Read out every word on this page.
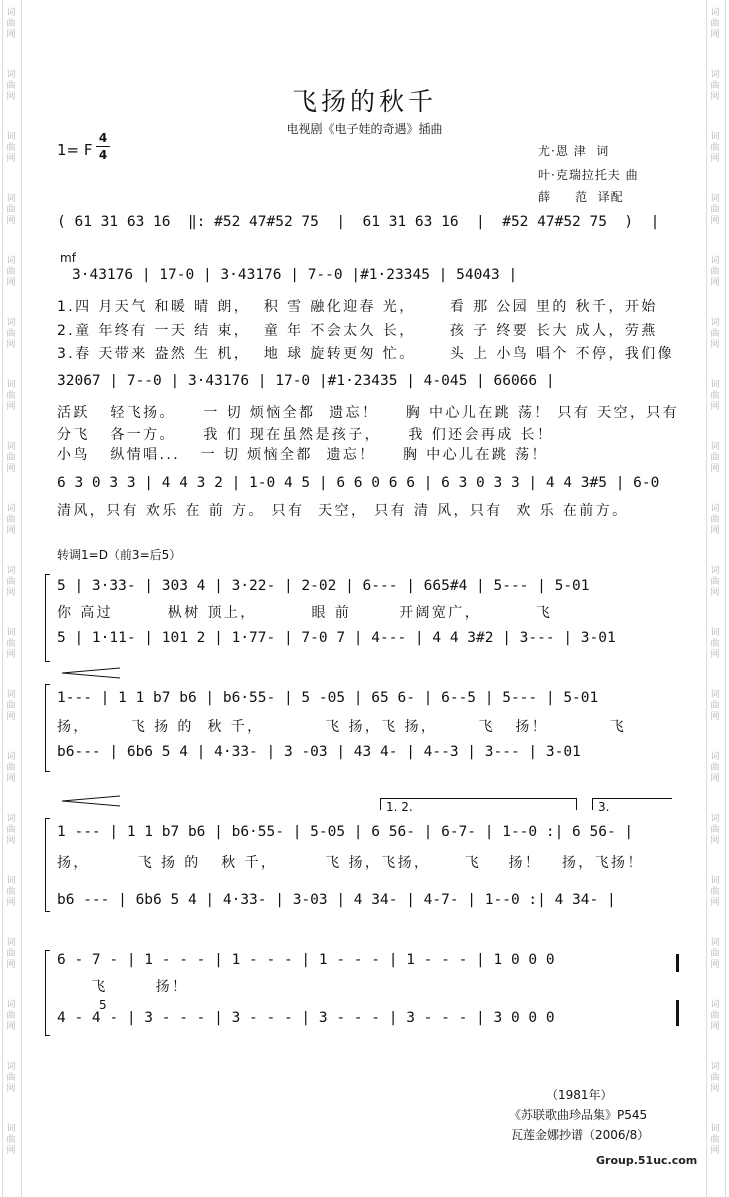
词曲网
词曲网
词曲网
词曲网
词曲网
词曲网
词曲网
词曲网
词曲网
词曲网
词曲网
词曲网
词曲网
词曲网
词曲网
词曲网
词曲网
词曲网
词曲网
词曲网
词曲网
词曲网
词曲网
词曲网
词曲网
词曲网
词曲网
词曲网
词曲网
词曲网
词曲网
词曲网
词曲网
词曲网
词曲网
词曲网
词曲网
词曲网
飞扬的秋千
电视剧《电子娃的奇遇》插曲
1= F
4
4	尤·恩 津  词
叶·克瑞拉托夫 曲
薛     范  译配
( 61 31 63 16  ‖: #52 47#52 75  |  61 31 63 16  |  #52 47#52 75  )  |
mf
3·43176 | 17-0 | 3·43176 | 7--0 |#1·23345 | 54043 |
1.四 月天气 和暖 晴 朗，  积 雪 融化迎春 光，     看 那 公园 里的 秋千，开始
2.童 年终有 一天 结 束，  童 年 不会太久 长，     孩 子 终要 长大 成人，劳燕
3.春 天带来 盎然 生 机，  地 球 旋转更匆 忙。     头 上 小鸟 唱个 不停，我们像
32067 | 7--0 | 3·43176 | 17-0 |#1·23435 | 4-045 | 66066 |
活跃   轻飞扬。    一 切 烦恼全都  遗忘！    胸 中心儿在跳 荡！ 只有 天空，只有
分飞   各一方。    我 们 现在虽然是孩子，    我 们还会再成 长！
小鸟   纵情唱...   一 切 烦恼全都  遗忘！    胸 中心儿在跳 荡！
6 3 0 3 3 | 4 4 3 2 | 1-0 4 5 | 6 6 0 6 6 | 6 3 0 3 3 | 4 4 3#5 | 6-0
清风，只有 欢乐 在 前 方。 只有  天空， 只有 清 风，只有  欢 乐 在前方。
转调1=D（前3=后5）
5 | 3·33- | 303 4 | 3·22- | 2-02 | 6--- | 665#4 | 5--- | 5-01
你 高过        枞树 顶上，        眼 前       开阔宽广，        飞
5 | 1·11- | 101 2 | 1·77- | 7-0 7 | 4--- | 4 4 3#2 | 3--- | 3-01
1--- | 1 1 b7 b6 | b6·55- | 5 -05 | 65 6- | 6--5 | 5--- | 5-01
扬，      飞 扬 的  秋 千，         飞 扬，飞 扬，      飞   扬！         飞
b6--- | 6b6 5 4 | 4·33- | 3 -03 | 43 4- | 4--3 | 3--- | 3-01
1. 2.	3.
1 --- | 1 1 b7 b6 | b6·55- | 5-05 | 6 56- | 6-7- | 1--0 :| 6 56- |
扬，       飞 扬 的   秋 千，       飞 扬，飞扬，     飞    扬！   扬，飞扬！
b6 --- | 6b6 5 4 | 4·33- | 3-03 | 4 34- | 4-7- | 1--0 :| 4 34- |
6 - 7 - | 1 - - - | 1 - - - | 1 - - - | 1 - - - | 1 0 0 0
飞       扬！
5
4 - 4 - | 3 - - - | 3 - - - | 3 - - - | 3 - - - | 3 0 0 0
（1981年）
《苏联歌曲珍品集》P545
瓦莲金娜抄谱（2006/8）
Group.51uc.com
